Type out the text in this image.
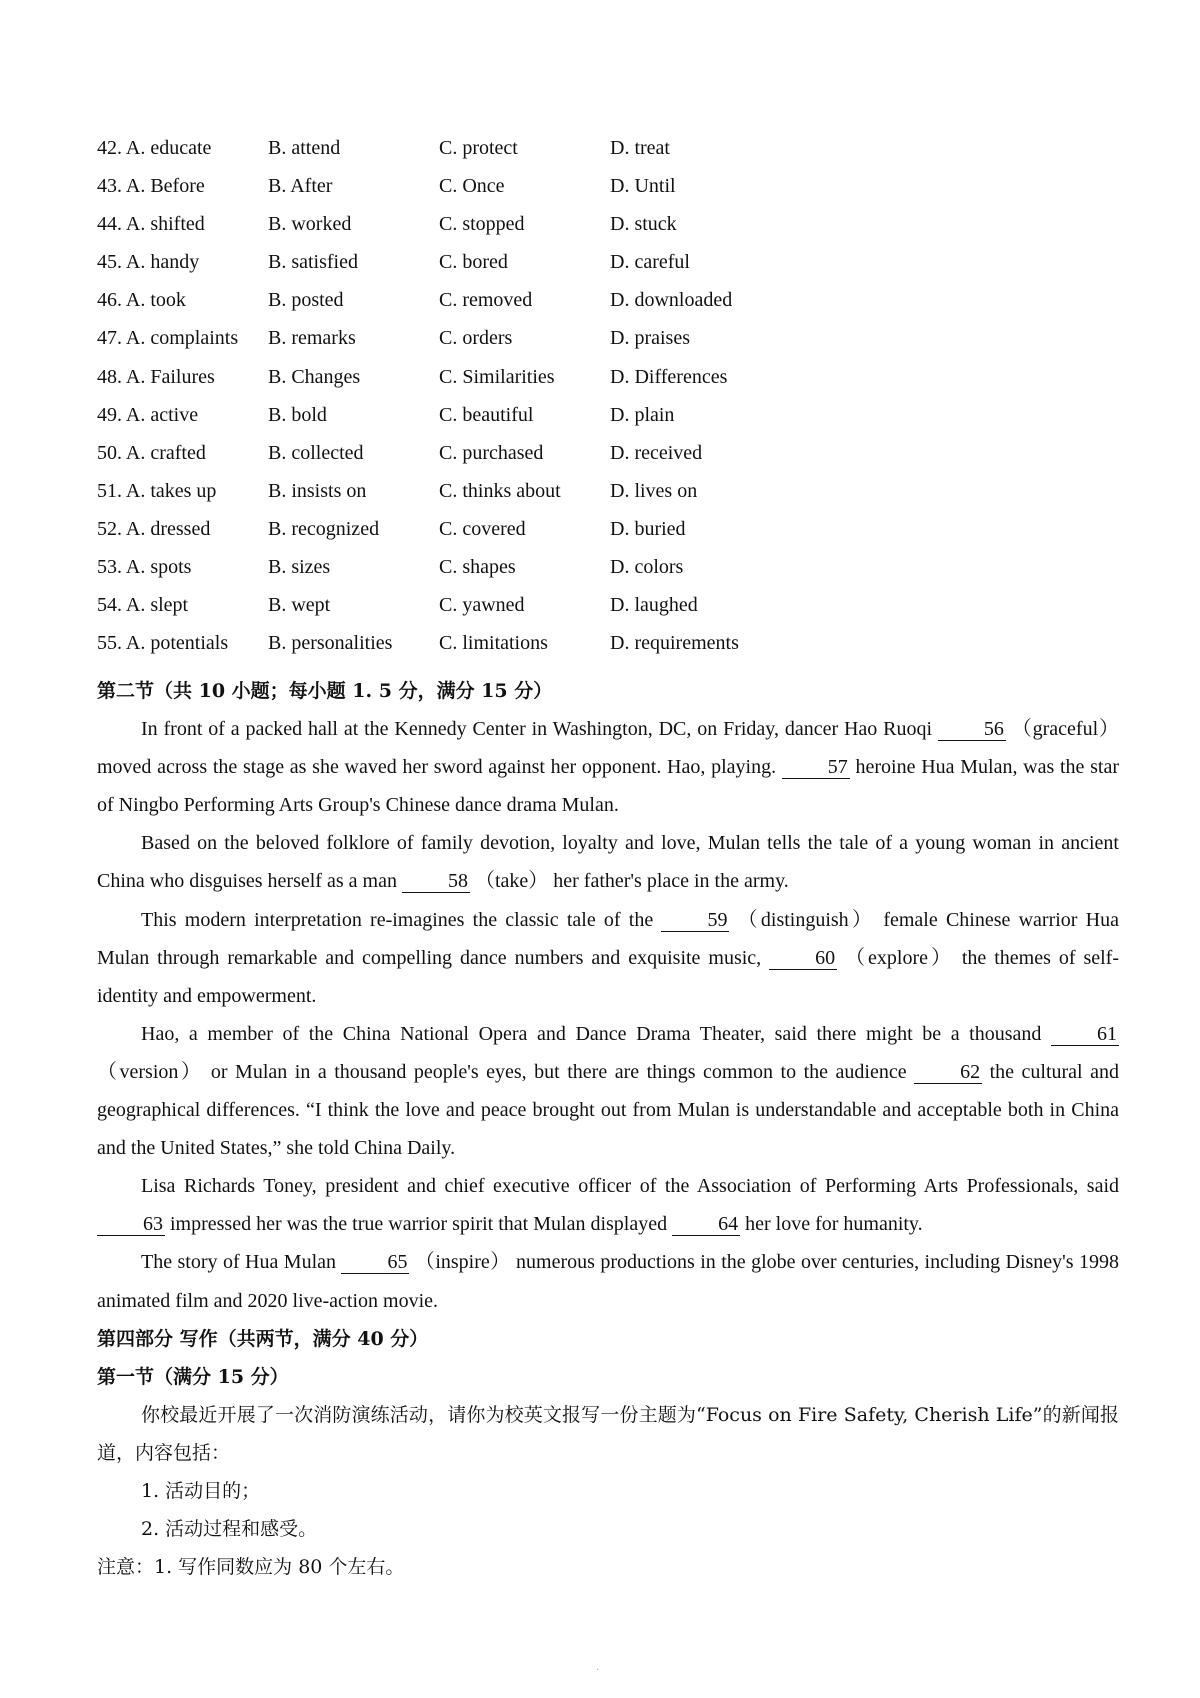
42. A. educate	B. attend	C. protect	D. treat
43. A. Before	B. After	C. Once	D. Until
44. A. shifted	B. worked	C. stopped	D. stuck
45. A. handy	B. satisfied	C. bored	D. careful
46. A. took	B. posted	C. removed	D. downloaded
47. A. complaints B. remarks	C. orders	D. praises
48. A. Failures	B. Changes	C. Similarities	D. Differences
49. A. active	B. bold	C. beautiful	D. plain
50. A. crafted	B. collected	C. purchased	D. received
51. A. takes up	B. insists on	C. thinks about D. lives on
52. A. dressed	B. recognized	C. covered	D. buried
53. A. spots	B. sizes	C. shapes	D. colors
54. A. slept	B. wept	C. yawned	D. laughed
55. A. potentials B. personalities C. limitations	D. requirements

第二节（共 10 小题；每小题 1. 5 分，满分 15 分）

In front of a packed hall at the Kennedy Center in Washington, DC, on Friday, dancer Hao Ruoqi 56 （graceful）moved across the stage as she waved her sword against her opponent. Hao, playing. 57 heroine Hua Mulan, was the star of Ningbo Performing Arts Group's Chinese dance drama Mulan.

Based on the beloved folklore of family devotion, loyalty and love, Mulan tells the tale of a young woman in ancient China who disguises herself as a man 58 （take） her father's place in the army.

This modern interpretation re-imagines the classic tale of the 59 （distinguish） female Chinese warrior Hua Mulan through remarkable and compelling dance numbers and exquisite music, 60 （explore） the themes of self-identity and empowerment.

Hao, a member of the China National Opera and Dance Drama Theater, said there might be a thousand 61 （version） or Mulan in a thousand people's eyes, but there are things common to the audience 62 the cultural and geographical differences. “I think the love and peace brought out from Mulan is understandable and acceptable both in China and the United States,” she told China Daily.

Lisa Richards Toney, president and chief executive officer of the Association of Performing Arts Professionals, said 63 impressed her was the true warrior spirit that Mulan displayed 64 her love for humanity.

The story of Hua Mulan 65 （inspire） numerous productions in the globe over centuries, including Disney's 1998 animated film and 2020 live-action movie.

第四部分 写作（共两节，满分 40 分）

第一节（满分 15 分）

你校最近开展了一次消防演练活动，请你为校英文报写一份主题为“Focus on Fire Safety, Cherish Life”的新闻报道，内容包括：

1. 活动目的；

2. 活动过程和感受。

注意：1. 写作同数应为 80 个左右。

·
